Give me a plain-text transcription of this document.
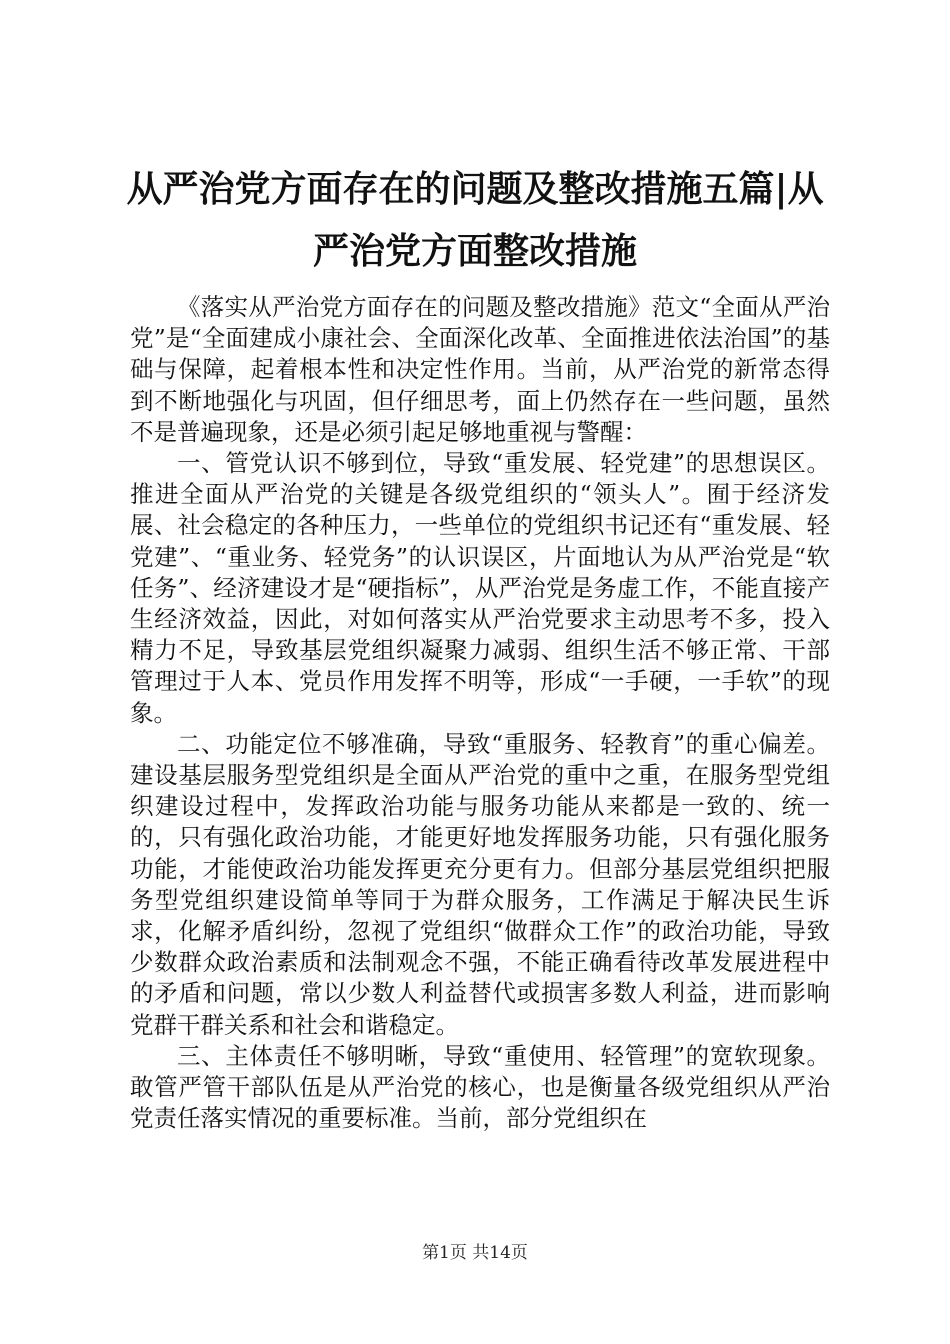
从严治党方面存在的问题及整改措施五篇|从严治党方面整改措施

《落实从严治党方面存在的问题及整改措施》范文“全面从严治党”是“全面建成小康社会、全面深化改革、全面推进依法治国”的基础与保障，起着根本性和决定性作用。当前，从严治党的新常态得到不断地强化与巩固，但仔细思考，面上仍然存在一些问题，虽然不是普遍现象，还是必须引起足够地重视与警醒：

一、管党认识不够到位，导致“重发展、轻党建”的思想误区。推进全面从严治党的关键是各级党组织的“领头人”。囿于经济发展、社会稳定的各种压力，一些单位的党组织书记还有“重发展、轻党建”、“重业务、轻党务”的认识误区，片面地认为从严治党是“软任务”、经济建设才是“硬指标”，从严治党是务虚工作，不能直接产生经济效益，因此，对如何落实从严治党要求主动思考不多，投入精力不足，导致基层党组织凝聚力减弱、组织生活不够正常、干部管理过于人本、党员作用发挥不明等，形成“一手硬，一手软”的现象。

二、功能定位不够准确，导致“重服务、轻教育”的重心偏差。建设基层服务型党组织是全面从严治党的重中之重，在服务型党组织建设过程中，发挥政治功能与服务功能从来都是一致的、统一的，只有强化政治功能，才能更好地发挥服务功能，只有强化服务功能，才能使政治功能发挥更充分更有力。但部分基层党组织把服务型党组织建设简单等同于为群众服务，工作满足于解决民生诉求，化解矛盾纠纷，忽视了党组织“做群众工作”的政治功能，导致少数群众政治素质和法制观念不强，不能正确看待改革发展进程中的矛盾和问题，常以少数人利益替代或损害多数人利益，进而影响党群干群关系和社会和谐稳定。

三、主体责任不够明晰，导致“重使用、轻管理”的宽软现象。敢管严管干部队伍是从严治党的核心，也是衡量各级党组织从严治党责任落实情况的重要标准。当前，部分党组织在

第1页 共14页
